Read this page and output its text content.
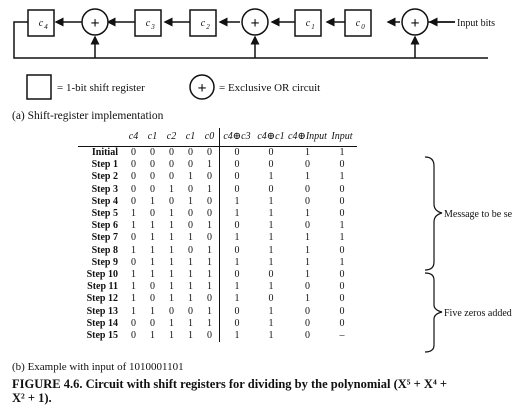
+	+	+
c 4	c 3	c 2	c 1	c 0	Input bits
= 1-bit shift register	+ = Exclusive OR circuit
(a) Shift-register implementation
	c4	c1	c2	c1	c0	c4⊕c3	c4⊕c1	c4⊕Input	Input
Initial	0	0	0	0	0	0	0	1	1
Step 1	0	0	0	0	1	0	0	0	0
Step 2	0	0	0	1	0	0	1	1	1
Step 3	0	0	1	0	1	0	0	0	0
Step 4	0	1	0	1	0	1	1	0	0
Step 5	1	0	1	0	0	1	1	1	0
Step 6	1	1	1	0	1	0	1	0	1
Step 7	0	1	1	1	0	1	1	1	1
Step 8	1	1	1	0	1	0	1	1	0
Step 9	0	1	1	1	1	1	1	1	1
Step 10	1	1	1	1	1	0	0	1	0
Step 11	1	0	1	1	1	1	1	0	0
Step 12	1	0	1	1	0	1	0	1	0
Step 13	1	1	0	0	1	0	1	0	0
Step 14	0	0	1	1	1	0	1	0	0
Step 15	0	1	1	1	0	1	1	0	–
Message to be se
Five zeros added
(b) Example with input of 1010001101
FIGURE 4.6. Circuit with shift registers for dividing by the polynomial (X⁵ + X⁴ +
X² + 1).
